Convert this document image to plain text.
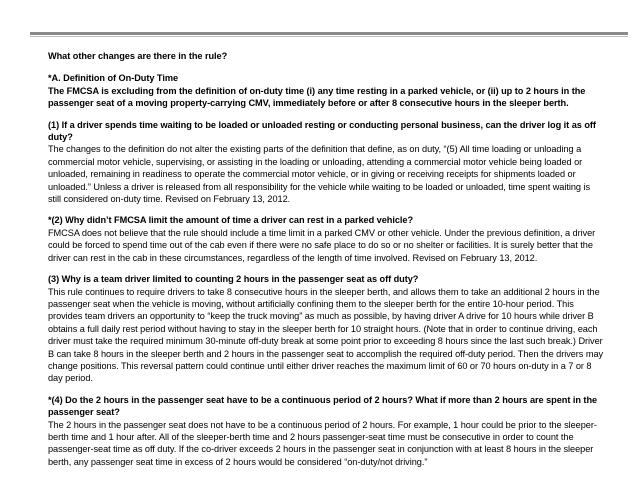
What other changes are there in the rule?

*A. Definition of On-Duty Time

The FMCSA is excluding from the definition of on-duty time (i) any time resting in a parked vehicle, or (ii) up to 2 hours in the passenger seat of a moving property-carrying CMV, immediately before or after 8 consecutive hours in the sleeper berth.

(1) If a driver spends time waiting to be loaded or unloaded resting or conducting personal business, can the driver log it as off duty?

The changes to the definition do not alter the existing parts of the definition that define, as on duty, “(5) All time loading or unloading a commercial motor vehicle, supervising, or assisting in the loading or unloading, attending a commercial motor vehicle being loaded or unloaded, remaining in readiness to operate the commercial motor vehicle, or in giving or receiving receipts for shipments loaded or unloaded.” Unless a driver is released from all responsibility for the vehicle while waiting to be loaded or unloaded, time spent waiting is still considered on-duty time. Revised on February 13, 2012.

*(2) Why didn’t FMCSA limit the amount of time a driver can rest in a parked vehicle?

FMCSA does not believe that the rule should include a time limit in a parked CMV or other vehicle. Under the previous definition, a driver could be forced to spend time out of the cab even if there were no safe place to do so or no shelter or facilities. It is surely better that the driver can rest in the cab in these circumstances, regardless of the length of time involved. Revised on February 13, 2012.

(3) Why is a team driver limited to counting 2 hours in the passenger seat as off duty?

This rule continues to require drivers to take 8 consecutive hours in the sleeper berth, and allows them to take an additional 2 hours in the passenger seat when the vehicle is moving, without artificially confining them to the sleeper berth for the entire 10-hour period. This provides team drivers an opportunity to “keep the truck moving” as much as possible, by having driver A drive for 10 hours while driver B obtains a full daily rest period without having to stay in the sleeper berth for 10 straight hours. (Note that in order to continue driving, each driver must take the required minimum 30-minute off-duty break at some point prior to exceeding 8 hours since the last such break.) Driver B can take 8 hours in the sleeper berth and 2 hours in the passenger seat to accomplish the required off-duty period. Then the drivers may change positions. This reversal pattern could continue until either driver reaches the maximum limit of 60 or 70 hours on-duty in a 7 or 8 day period.

*(4) Do the 2 hours in the passenger seat have to be a continuous period of 2 hours? What if more than 2 hours are spent in the passenger seat?

The 2 hours in the passenger seat does not have to be a continuous period of 2 hours. For example, 1 hour could be prior to the sleeper-berth time and 1 hour after. All of the sleeper-berth time and 2 hours passenger-seat time must be consecutive in order to count the passenger-seat time as off duty. If the co-driver exceeds 2 hours in the passenger seat in conjunction with at least 8 hours in the sleeper berth, any passenger seat time in excess of 2 hours would be considered “on-duty/not driving.”
